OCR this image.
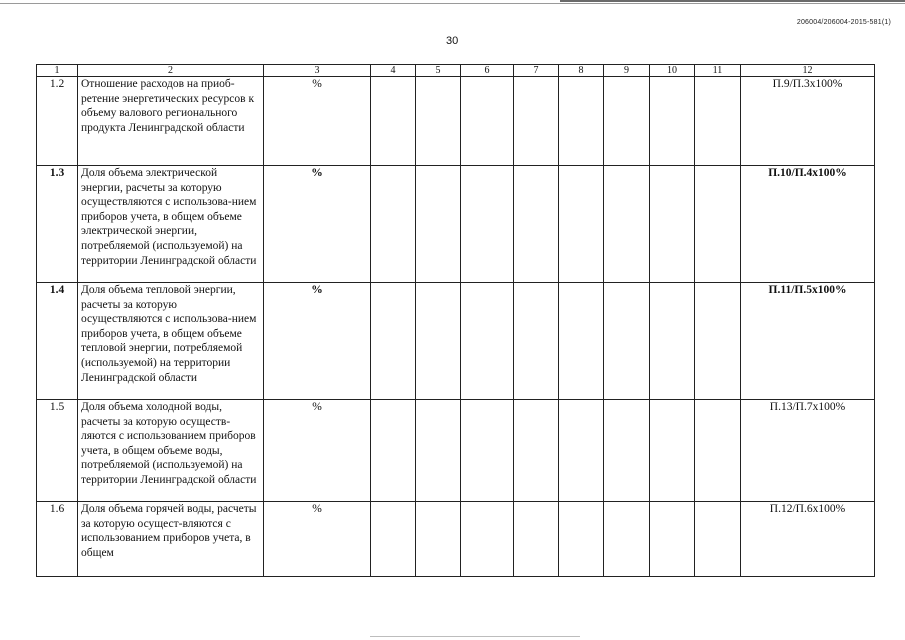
206004/206004-2015-581(1)
30
1	2	3	4	5	6	7	8	9	10	11	12
1.2	Отношение расходов на приоб-ретение энергетических ресурсов к объему валового регионального продукта Ленинградской области	%									П.9/П.3х100%
1.3	Доля объема электрической энергии, расчеты за которую осуществляются с использова-нием приборов учета, в общем объеме электрической энергии, потребляемой (используемой) на территории Ленинградской области	%									П.10/П.4х100%
1.4	Доля объема тепловой энергии, расчеты за которую осуществляются с использова-нием приборов учета, в общем объеме тепловой энергии, потребляемой (используемой) на территории Ленинградской области	%									П.11/П.5х100%
1.5	Доля объема холодной воды, расчеты за которую осуществ-ляются с использованием приборов учета, в общем объеме воды, потребляемой (используемой) на территории Ленинградской области	%									П.13/П.7х100%
1.6	Доля объема горячей воды, расчеты за которую осущест-вляются с использованием приборов учета, в общем	%									П.12/П.6х100%
